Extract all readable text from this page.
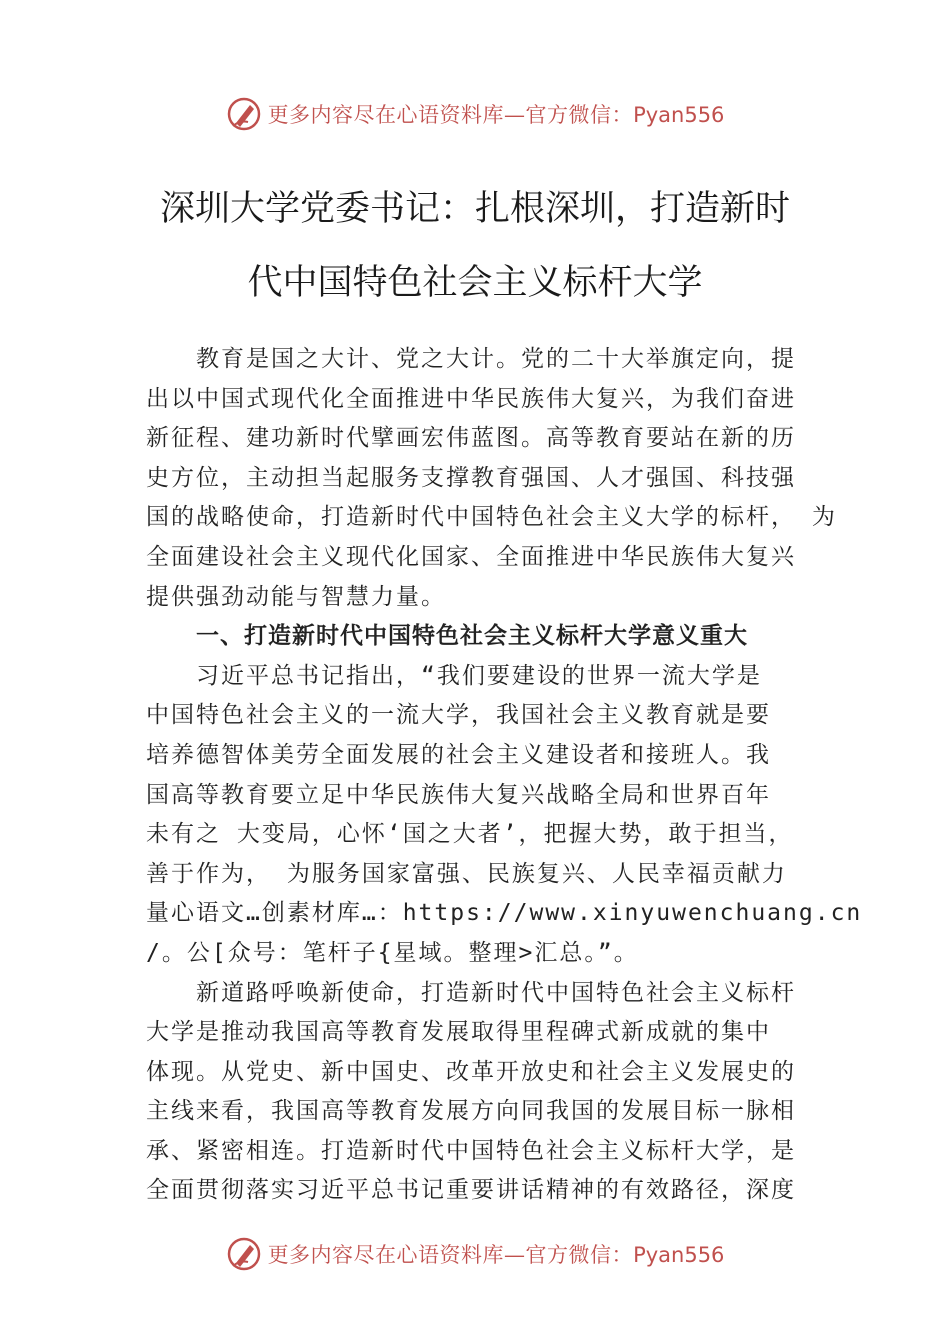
更多内容尽在心语资料库—官方微信：Pyan556
深圳大学党委书记：扎根深圳，打造新时
代中国特色社会主义标杆大学
教育是国之大计、党之大计。党的二十大举旗定向，提
出以中国式现代化全面推进中华民族伟大复兴，为我们奋进
新征程、建功新时代擘画宏伟蓝图。高等教育要站在新的历
史方位，主动担当起服务支撑教育强国、人才强国、科技强
国的战略使命，打造新时代中国特色社会主义大学的标杆， 为
全面建设社会主义现代化国家、全面推进中华民族伟大复兴
提供强劲动能与智慧力量。
一、打造新时代中国特色社会主义标杆大学意义重大
习近平总书记指出，“我们要建设的世界一流大学是
中国特色社会主义的一流大学，我国社会主义教育就是要
培养德智体美劳全面发展的社会主义建设者和接班人。我
国高等教育要立足中华民族伟大复兴战略全局和世界百年
未有之 大变局，心怀‘国之大者’，把握大势，敢于担当，
善于作为， 为服务国家富强、民族复兴、人民幸福贡献力
量心语文…创素材库…：https://www.xinyuwenchuang.cn
/。公[众号：笔杆子{星域。整理>汇总。”。
新道路呼唤新使命，打造新时代中国特色社会主义标杆
大学是推动我国高等教育发展取得里程碑式新成就的集中
体现。从党史、新中国史、改革开放史和社会主义发展史的
主线来看，我国高等教育发展方向同我国的发展目标一脉相
承、紧密相连。打造新时代中国特色社会主义标杆大学，是
全面贯彻落实习近平总书记重要讲话精神的有效路径，深度
更多内容尽在心语资料库—官方微信：Pyan556
